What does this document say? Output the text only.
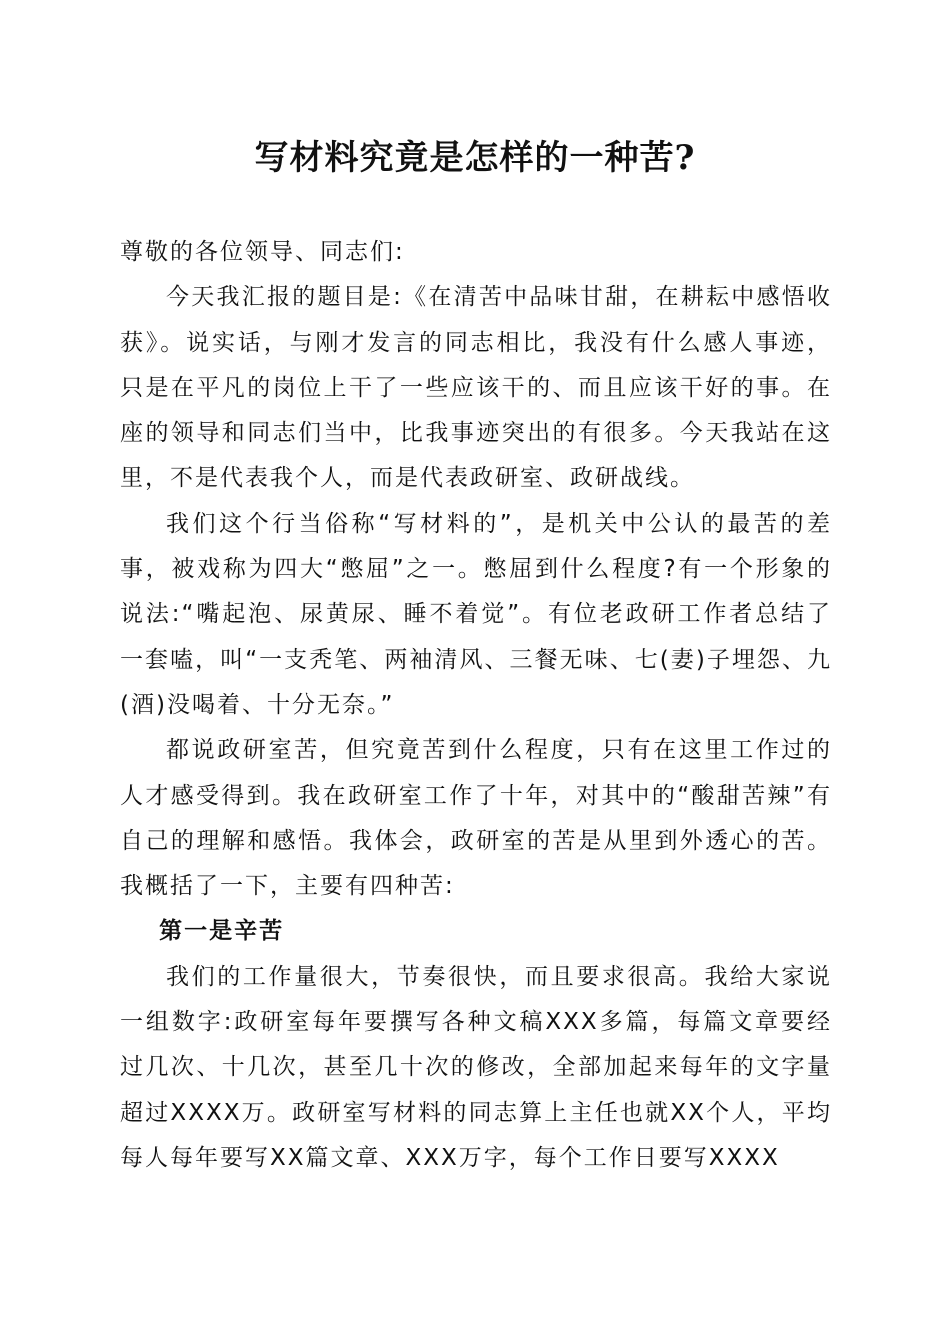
写材料究竟是怎样的一种苦?

尊敬的各位领导、同志们:

今天我汇报的题目是:《在清苦中品味甘甜，在耕耘中感悟收获》。说实话，与刚才发言的同志相比，我没有什么感人事迹，只是在平凡的岗位上干了一些应该干的、而且应该干好的事。在座的领导和同志们当中，比我事迹突出的有很多。今天我站在这里，不是代表我个人，而是代表政研室、政研战线。

我们这个行当俗称“写材料的”，是机关中公认的最苦的差事，被戏称为四大“憋屈”之一。憋屈到什么程度?有一个形象的说法:“嘴起泡、尿黄尿、睡不着觉”。有位老政研工作者总结了一套嗑，叫“一支秃笔、两袖清风、三餐无味、七(妻)子埋怨、九(酒)没喝着、十分无奈。”

都说政研室苦，但究竟苦到什么程度，只有在这里工作过的人才感受得到。我在政研室工作了十年，对其中的“酸甜苦辣”有自己的理解和感悟。我体会，政研室的苦是从里到外透心的苦。我概括了一下，主要有四种苦:

第一是辛苦

我们的工作量很大，节奏很快，而且要求很高。我给大家说一组数字:政研室每年要撰写各种文稿XXX多篇，每篇文章要经过几次、十几次，甚至几十次的修改，全部加起来每年的文字量超过XXXX万。政研室写材料的同志算上主任也就XX个人，平均每人每年要写XX篇文章、XXX万字，每个工作日要写XXXX
